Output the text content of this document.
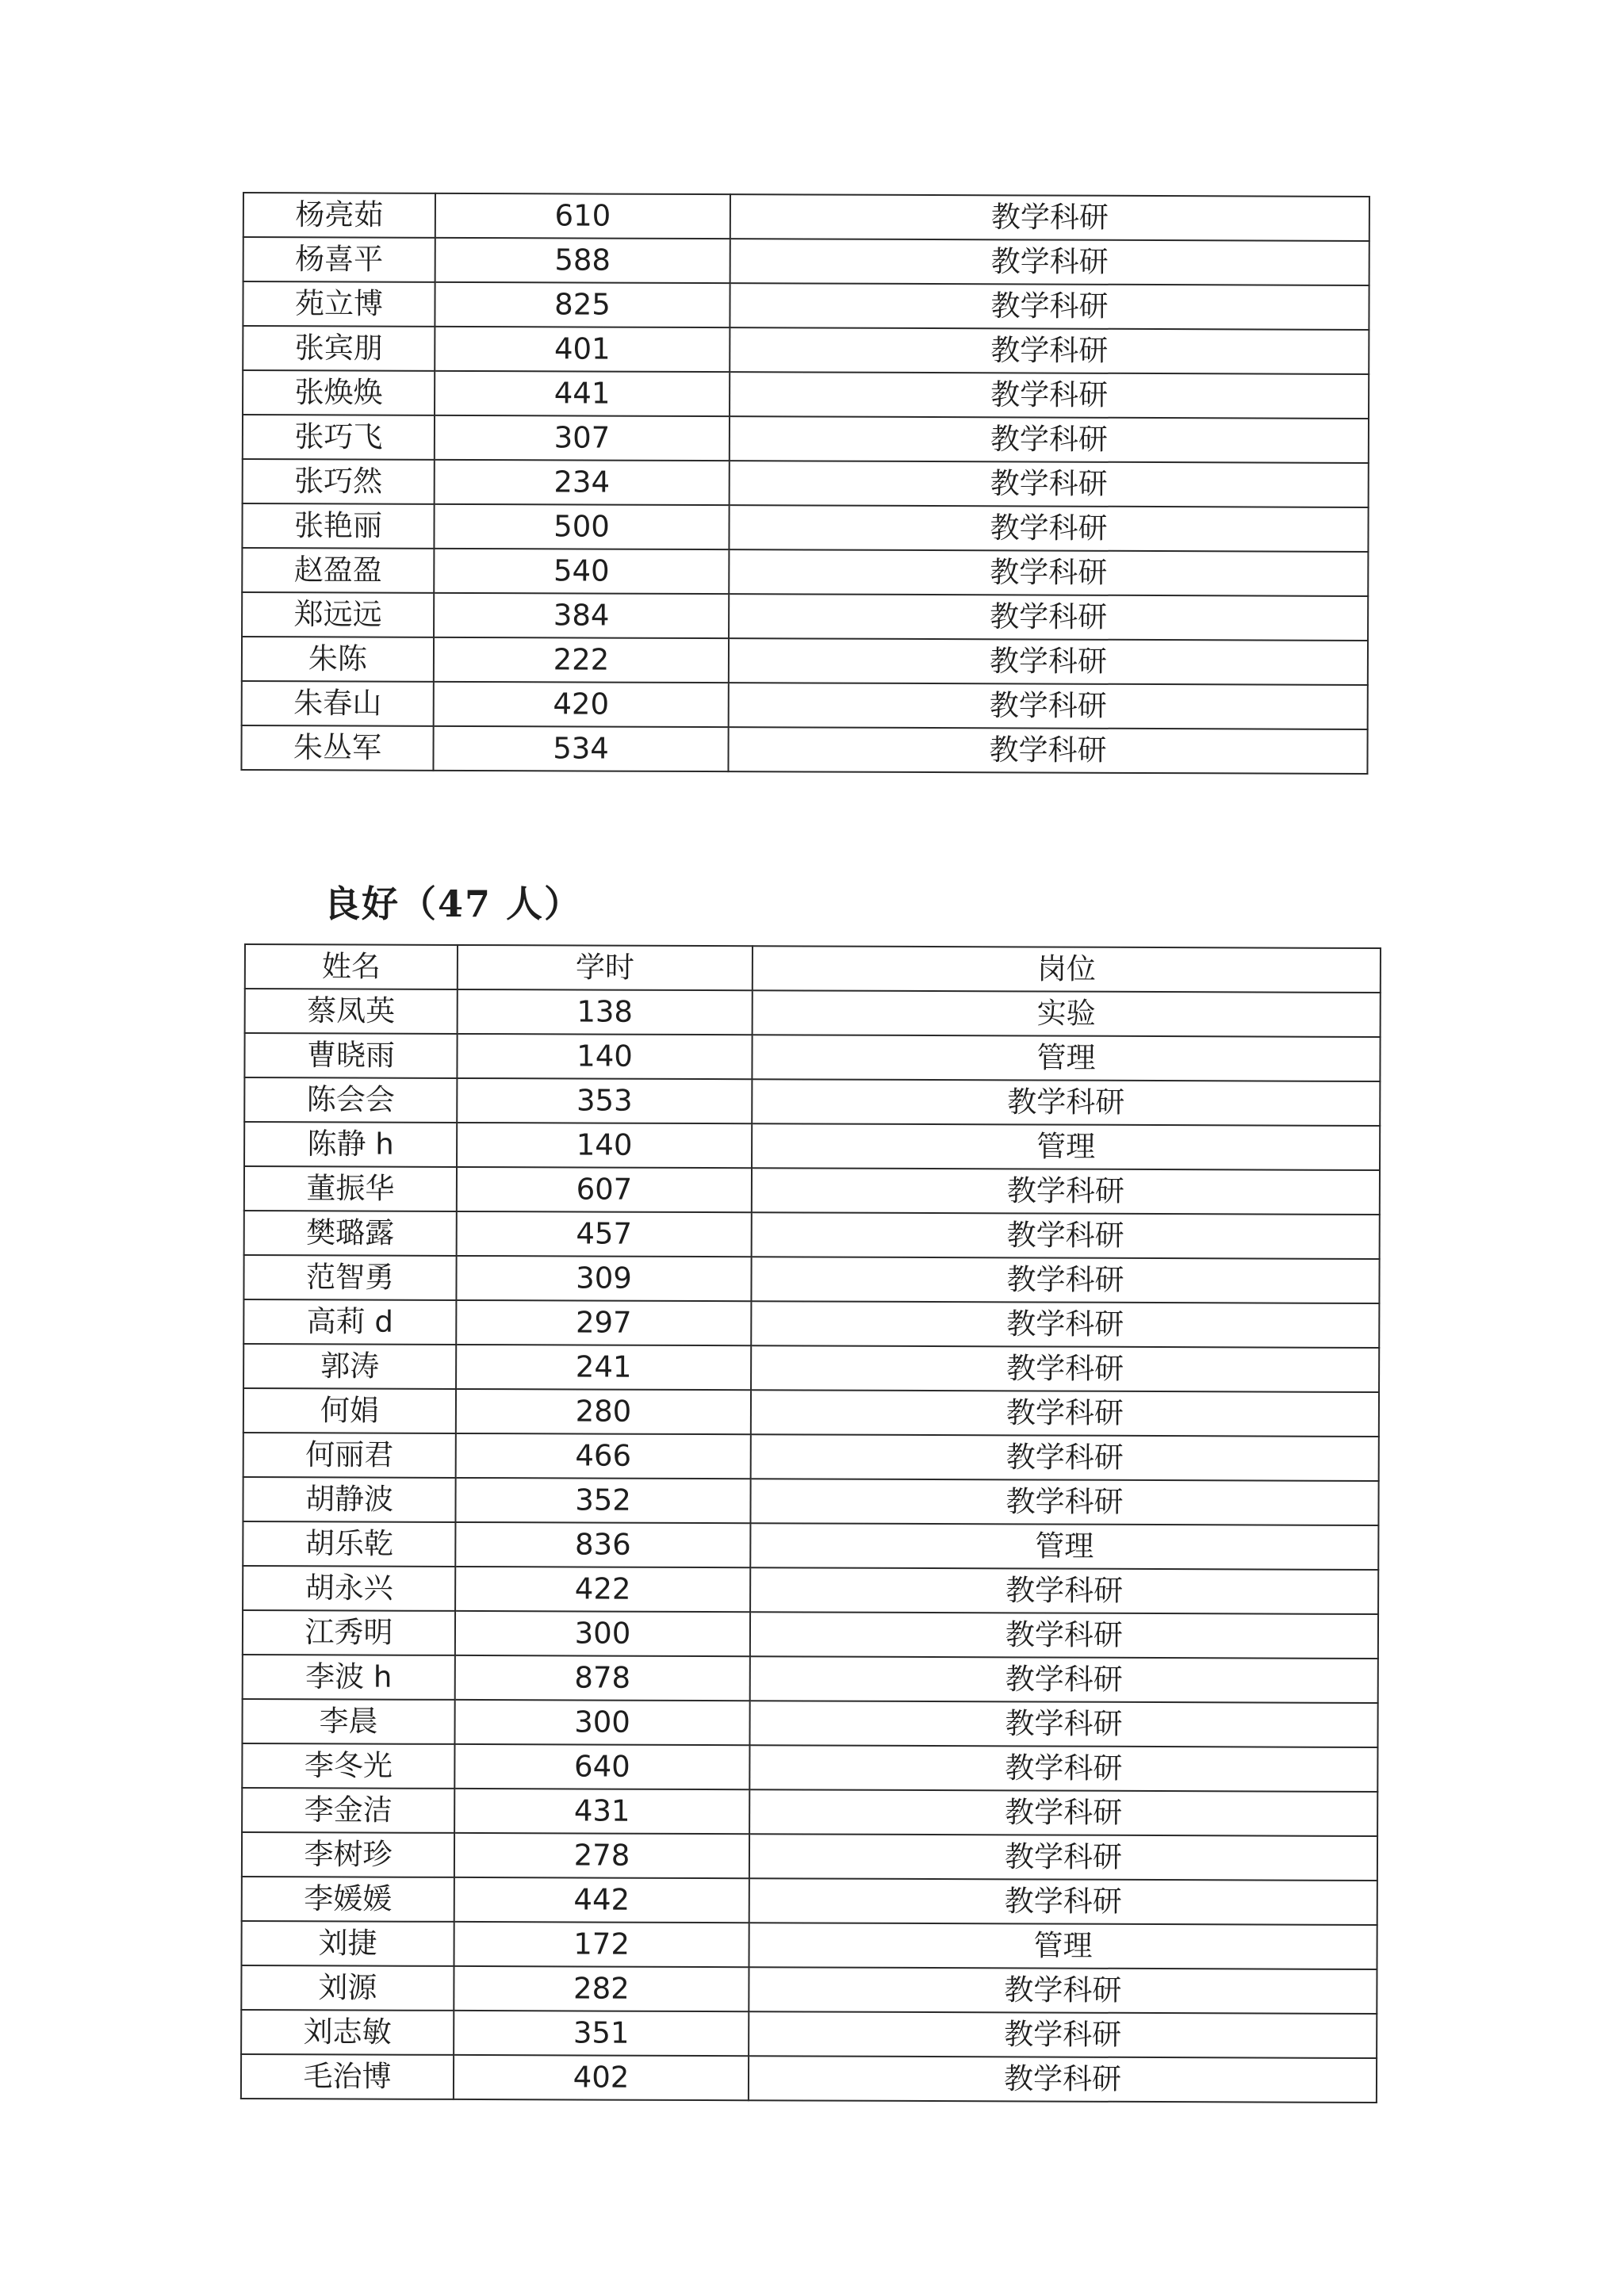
杨亮茹	610	教学科研
杨喜平	588	教学科研
苑立博	825	教学科研
张宾朋	401	教学科研
张焕焕	441	教学科研
张巧飞	307	教学科研
张巧然	234	教学科研
张艳丽	500	教学科研
赵盈盈	540	教学科研
郑远远	384	教学科研
朱陈	222	教学科研
朱春山	420	教学科研
朱丛军	534	教学科研
良好（47 人）
姓名	学时	岗位
蔡凤英	138	实验
曹晓雨	140	管理
陈会会	353	教学科研
陈静 h	140	管理
董振华	607	教学科研
樊璐露	457	教学科研
范智勇	309	教学科研
高莉 d	297	教学科研
郭涛	241	教学科研
何娟	280	教学科研
何丽君	466	教学科研
胡静波	352	教学科研
胡乐乾	836	管理
胡永兴	422	教学科研
江秀明	300	教学科研
李波 h	878	教学科研
李晨	300	教学科研
李冬光	640	教学科研
李金洁	431	教学科研
李树珍	278	教学科研
李媛媛	442	教学科研
刘捷	172	管理
刘源	282	教学科研
刘志敏	351	教学科研
毛治博	402	教学科研
